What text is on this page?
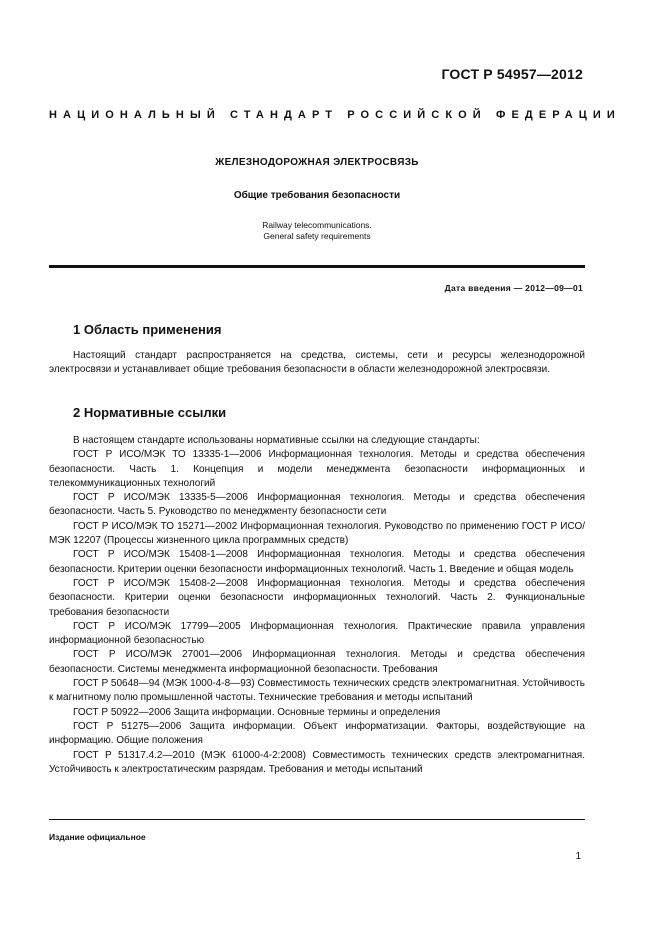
ГОСТ Р 54957—2012
НАЦИОНАЛЬНЫЙ СТАНДАРТ РОССИЙСКОЙ ФЕДЕРАЦИИ
ЖЕЛЕЗНОДОРОЖНАЯ ЭЛЕКТРОСВЯЗЬ
Общие требования безопасности
Railway telecommunications.
General safety requirements
Дата введения — 2012—09—01
1 Область применения

Настоящий стандарт распространяется на средства, системы, сети и ресурсы железнодорожной электросвязи и устанавливает общие требования безопасности в области железнодорожной электросвязи.

2 Нормативные ссылки
В настоящем стандарте использованы нормативные ссылки на следующие стандарты:
ГОСТ Р ИСО/МЭК ТО 13335-1—2006 Информационная технология. Методы и средства обеспечения безопасности. Часть 1. Концепция и модели менеджмента безопасности информационных и телекоммуникационных технологий
ГОСТ Р ИСО/МЭК 13335-5—2006 Информационная технология. Методы и средства обеспечения безопасности. Часть 5. Руководство по менеджменту безопасности сети
ГОСТ Р ИСО/МЭК ТО 15271—2002 Информационная технология. Руководство по применению ГОСТ Р ИСО/МЭК 12207 (Процессы жизненного цикла программных средств)
ГОСТ Р ИСО/МЭК 15408-1—2008 Информационная технология. Методы и средства обеспечения безопасности. Критерии оценки безопасности информационных технологий. Часть 1. Введение и общая модель
ГОСТ Р ИСО/МЭК 15408-2—2008 Информационная технология. Методы и средства обеспечения безопасности. Критерии оценки безопасности информационных технологий. Часть 2. Функциональные требования безопасности
ГОСТ Р ИСО/МЭК 17799—2005 Информационная технология. Практические правила управления информационной безопасностью
ГОСТ Р ИСО/МЭК 27001—2006 Информационная технология. Методы и средства обеспечения безопасности. Системы менеджмента информационной безопасности. Требования
ГОСТ Р 50648—94 (МЭК 1000-4-8—93) Совместимость технических средств электромагнитная. Устойчивость к магнитному полю промышленной частоты. Технические требования и методы испытаний
ГОСТ Р 50922—2006 Защита информации. Основные термины и определения
ГОСТ Р 51275—2006 Защита информации. Объект информатизации. Факторы, воздействующие на информацию. Общие положения
ГОСТ Р 51317.4.2—2010 (МЭК 61000-4-2:2008) Совместимость технических средств электромагнитная. Устойчивость к электростатическим разрядам. Требования и методы испытаний
Издание официальное
1
